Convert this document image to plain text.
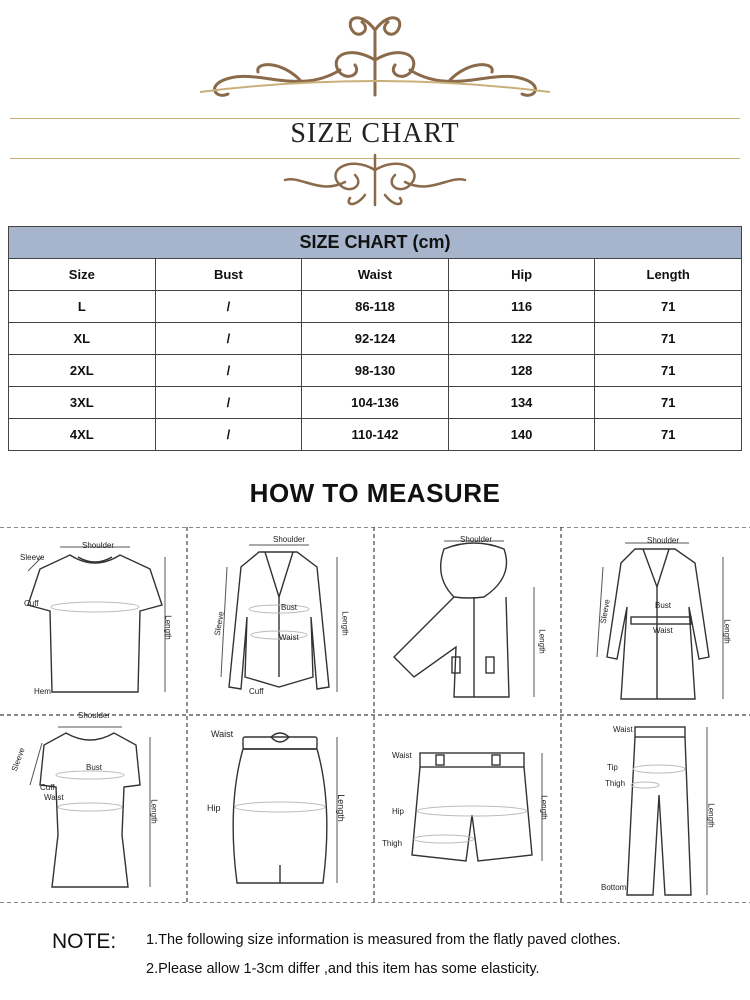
SIZE CHART
SIZE CHART (cm)				
Size	Bust	Waist	Hip	Length
L	/	86-118	116	71
XL	/	92-124	122	71
2XL	/	98-130	128	71
3XL	/	104-136	134	71
4XL	/	110-142	140	71
HOW TO MEASURE
Shoulder
Sleeve
Cuff
Hem
Length
Shoulder
Sleeve
Bust
Waist
Cuff
Length
Shoulder
Length
Shoulder
Sleeve	Bust
Waist	Length
Shoulder
Sleeve	Bust
Cuff
Waist
Length
Waist
Hip	Length
Waist
Hip
Thigh
Length
Waist
Tip
Thigh
Bottom
Length
NOTE: 1.The following size information is measured from the flatly paved clothes.
2.Please allow 1-3cm differ ,and this item has some elasticity.
